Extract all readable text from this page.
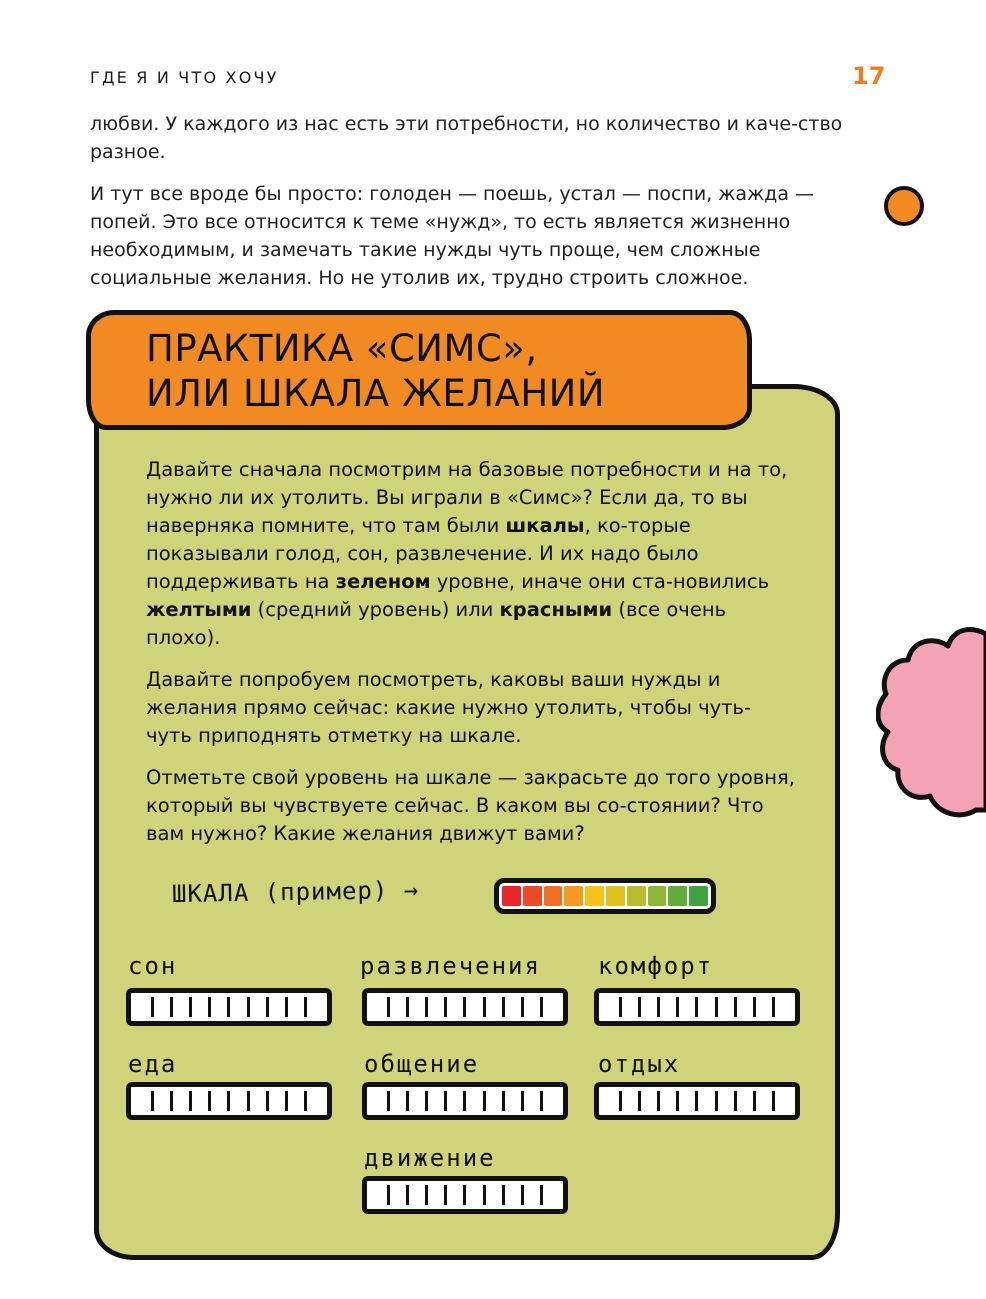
ГДЕ Я И ЧТО ХОЧУ	17

любви. У каждого из нас есть эти потребности, но количество и каче-ство разное.

И тут все вроде бы просто: голоден — поешь, устал — поспи, жажда — попей. Это все относится к теме «нужд», то есть является жизненно необходимым, и замечать такие нужды чуть проще, чем сложные социальные желания. Но не утолив их, трудно строить сложное.

ПРАКТИКА «СИМС»,
ИЛИ ШКАЛА ЖЕЛАНИЙ

Давайте сначала посмотрим на базовые потребности и на то, нужно ли их утолить. Вы играли в «Симс»? Если да, то вы наверняка помните, что там были шкалы, ко-торые показывали голод, сон, развлечение. И их надо было поддерживать на зеленом уровне, иначе они ста-новились желтыми (средний уровень) или красными (все очень плохо).

Давайте попробуем посмотреть, каковы ваши нужды и желания прямо сейчас: какие нужно утолить, чтобы чуть-чуть приподнять отметку на шкале.

Отметьте свой уровень на шкале — закрасьте до того уровня, который вы чувствуете сейчас. В каком вы со-стоянии? Что вам нужно? Какие желания движут вами?

ШКАЛА (пример) →
сон	развлечения комфорт
еда	общение	отдых
движение
